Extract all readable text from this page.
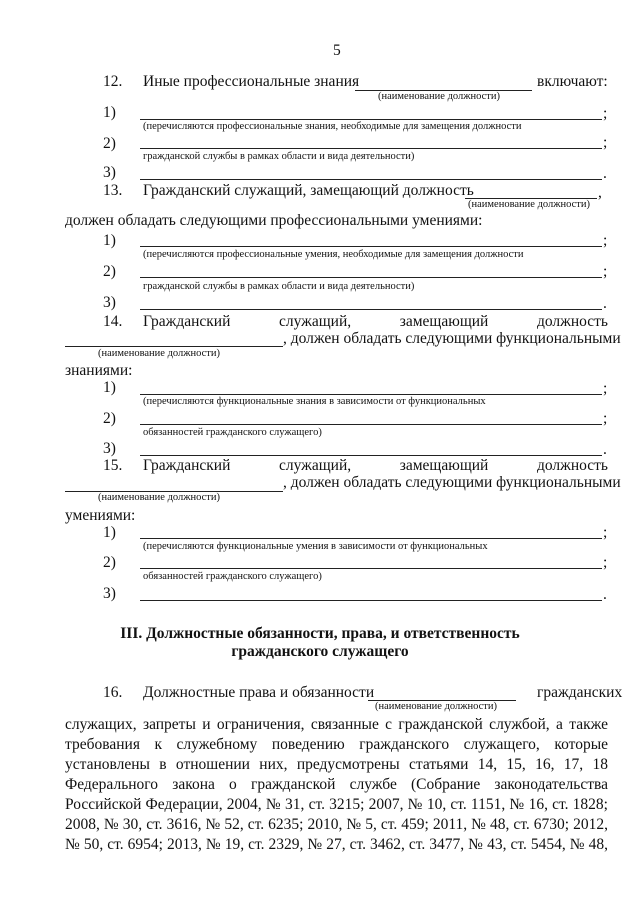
5
12. Иные профессиональные знания	включают:
(наименование должности)
1)	;
(перечисляются профессиональные знания, необходимые для замещения должности
2)	;
гражданской службы в рамках области и вида деятельности)
3)	.
13. Гражданский служащий, замещающий должность	,
(наименование должности)
должен обладать следующими профессиональными умениями:
1)	;
(перечисляются профессиональные умения, необходимые для замещения должности
2)	;
гражданской службы в рамках области и вида деятельности)
3)	.
14. Гражданский	служащий,	замещающий	должность
, должен обладать следующими функциональными
(наименование должности)
знаниями:
1)	;
(перечисляются функциональные знания в зависимости от функциональных
2)	;
обязанностей гражданского служащего)
3)	.
15. Гражданский	служащий,	замещающий	должность
, должен обладать следующими функциональными
(наименование должности)
умениями:
1)	;
(перечисляются функциональные умения в зависимости от функциональных
2)	;
обязанностей гражданского служащего)
3)	.
III. Должностные обязанности, права, и ответственность
гражданского служащего
16. Должностные права и обязанности	гражданских
(наименование должности)
служащих, запреты и ограничения, связанные с гражданской службой, а также
требования к служебному поведению гражданского служащего, которые
установлены в отношении них, предусмотрены статьями 14, 15, 16, 17, 18
Федерального закона о гражданской службе (Собрание законодательства
Российской Федерации, 2004, № 31, ст. 3215; 2007, № 10, ст. 1151, № 16, ст. 1828;
2008, № 30, ст. 3616, № 52, ст. 6235; 2010, № 5, ст. 459; 2011, № 48, ст. 6730; 2012,
№ 50, ст. 6954; 2013, № 19, ст. 2329, № 27, ст. 3462, ст. 3477, № 43, ст. 5454, № 48,
